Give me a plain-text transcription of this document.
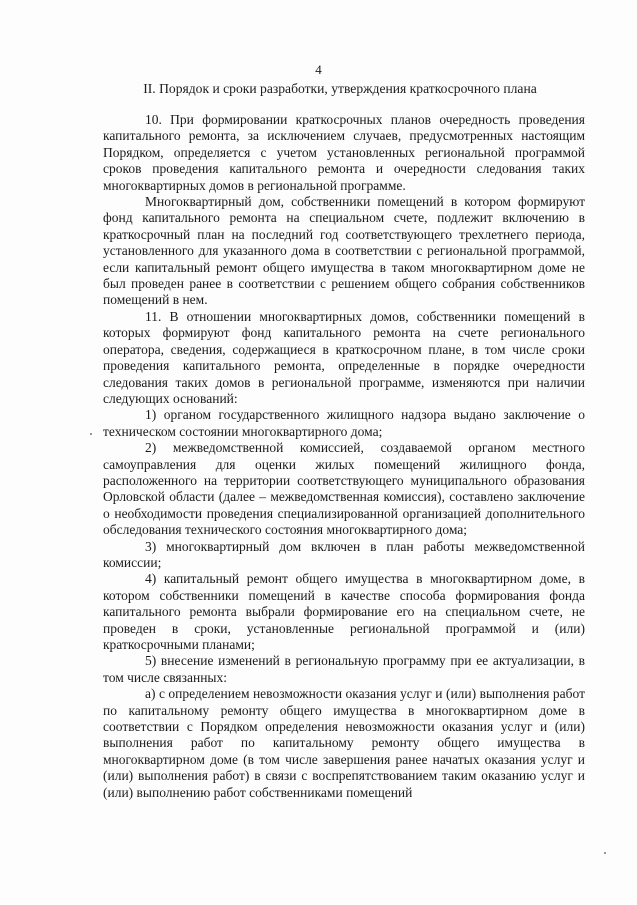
4
II. Порядок и сроки разработки, утверждения краткосрочного плана

10. При формировании краткосрочных планов очередность проведения капитального ремонта, за исключением случаев, предусмотренных настоящим Порядком, определяется с учетом установленных региональной программой сроков проведения капитального ремонта и очередности следования таких многоквартирных домов в региональной программе.

Многоквартирный дом, собственники помещений в котором формируют фонд капитального ремонта на специальном счете, подлежит включению в краткосрочный план на последний год соответствующего трехлетнего периода, установленного для указанного дома в соответствии с региональной программой, если капитальный ремонт общего имущества в таком многоквартирном доме не был проведен ранее в соответствии с решением общего собрания собственников помещений в нем.

11. В отношении многоквартирных домов, собственники помещений в которых формируют фонд капитального ремонта на счете регионального оператора, сведения, содержащиеся в краткосрочном плане, в том числе сроки проведения капитального ремонта, определенные в порядке очередности следования таких домов в региональной программе, изменяются при наличии следующих оснований:

1) органом государственного жилищного надзора выдано заключение о техническом состоянии многоквартирного дома;

2) межведомственной комиссией, создаваемой органом местного самоуправления для оценки жилых помещений жилищного фонда, расположенного на территории соответствующего муниципального образования Орловской области (далее – межведомственная комиссия), составлено заключение о необходимости проведения специализированной организацией дополнительного обследования технического состояния многоквартирного дома;

3) многоквартирный дом включен в план работы межведомственной комиссии;

4) капитальный ремонт общего имущества в многоквартирном доме, в котором собственники помещений в качестве способа формирования фонда капитального ремонта выбрали формирование его на специальном счете, не проведен в сроки, установленные региональной программой и (или) краткосрочными планами;

5) внесение изменений в региональную программу при ее актуализации, в том числе связанных:

а) с определением невозможности оказания услуг и (или) выполнения работ по капитальному ремонту общего имущества в многоквартирном доме в соответствии с Порядком определения невозможности оказания услуг и (или) выполнения работ по капитальному ремонту общего имущества в многоквартирном доме (в том числе завершения ранее начатых оказания услуг и (или) выполнения работ) в связи с воспрепятствованием таким оказанию услуг и (или) выполнению работ собственниками помещений
